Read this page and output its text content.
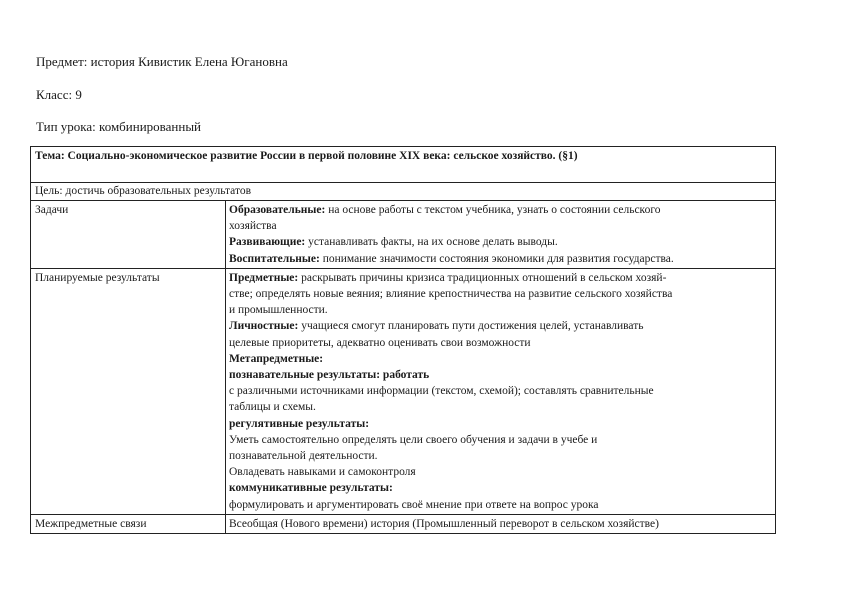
Предмет: история Кивистик Елена Югановна
Класс: 9
Тип урока: комбинированный
Тема: Социально-экономическое развитие России в первой половине XIX века: сельское хозяйство. (§1)
Цель: достичь образовательных результатов
Задачи	Образовательные: на основе работы с текстом учебника, узнать о состоянии сельского
хозяйства
Развивающие: устанавливать факты, на их основе делать выводы.
Воспитательные: понимание значимости состояния экономики для развития государства.
Планируемые результаты	Предметные: раскрывать причины кризиса традиционных отношений в сельском хозяй-
стве; определять новые веяния; влияние крепостничества на развитие сельского хозяйства
и промышленности.
Личностные: учащиеся смогут планировать пути достижения целей, устанавливать
целевые приоритеты, адекватно оценивать свои возможности
Метапредметные:
познавательные результаты: работать
с различными источниками информации (текстом, схемой); составлять сравнительные
таблицы и схемы.
регулятивные результаты:
Уметь самостоятельно определять цели своего обучения и задачи в учебе и
познавательной деятельности.
Овладевать навыками и самоконтроля
коммуникативные результаты:
формулировать и аргументировать своё мнение при ответе на вопрос урока
Межпредметные связи	Всеобщая (Нового времени) история (Промышленный переворот в сельском хозяйстве)
